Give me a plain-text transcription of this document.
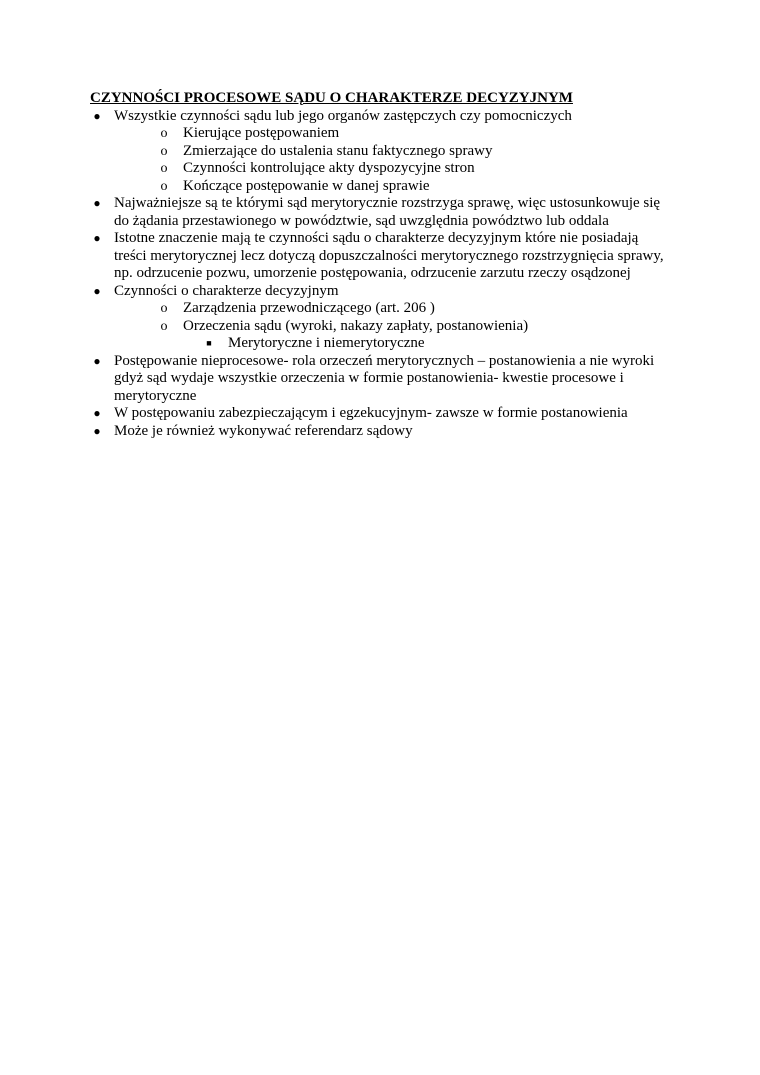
CZYNNOŚCI PROCESOWE SĄDU O CHARAKTERZE DECYZYJNYM
● Wszystkie czynności sądu lub jego organów zastępczych czy pomocniczych
o Kierujące postępowaniem
o Zmierzające do ustalenia stanu faktycznego sprawy
o Czynności kontrolujące akty dyspozycyjne stron
o Kończące postępowanie w danej sprawie
● Najważniejsze są te którymi sąd merytorycznie rozstrzyga sprawę, więc ustosunkowuje się do żądania przestawionego w powództwie, sąd uwzględnia powództwo lub oddala
● Istotne znaczenie mają te czynności sądu o charakterze decyzyjnym które nie posiadają treści merytorycznej lecz dotyczą dopuszczalności merytorycznego rozstrzygnięcia sprawy, np. odrzucenie pozwu, umorzenie postępowania, odrzucenie zarzutu rzeczy osądzonej
● Czynności o charakterze decyzyjnym
o Zarządzenia przewodniczącego (art. 206 )
o Orzeczenia sądu (wyroki, nakazy zapłaty, postanowienia)
■ Merytoryczne i niemerytoryczne
● Postępowanie nieprocesowe- rola orzeczeń merytorycznych – postanowienia a nie wyroki gdyż sąd wydaje wszystkie orzeczenia w formie postanowienia- kwestie procesowe i merytoryczne
● W postępowaniu zabezpieczającym i egzekucyjnym- zawsze w formie postanowienia
● Może je również wykonywać referendarz sądowy
